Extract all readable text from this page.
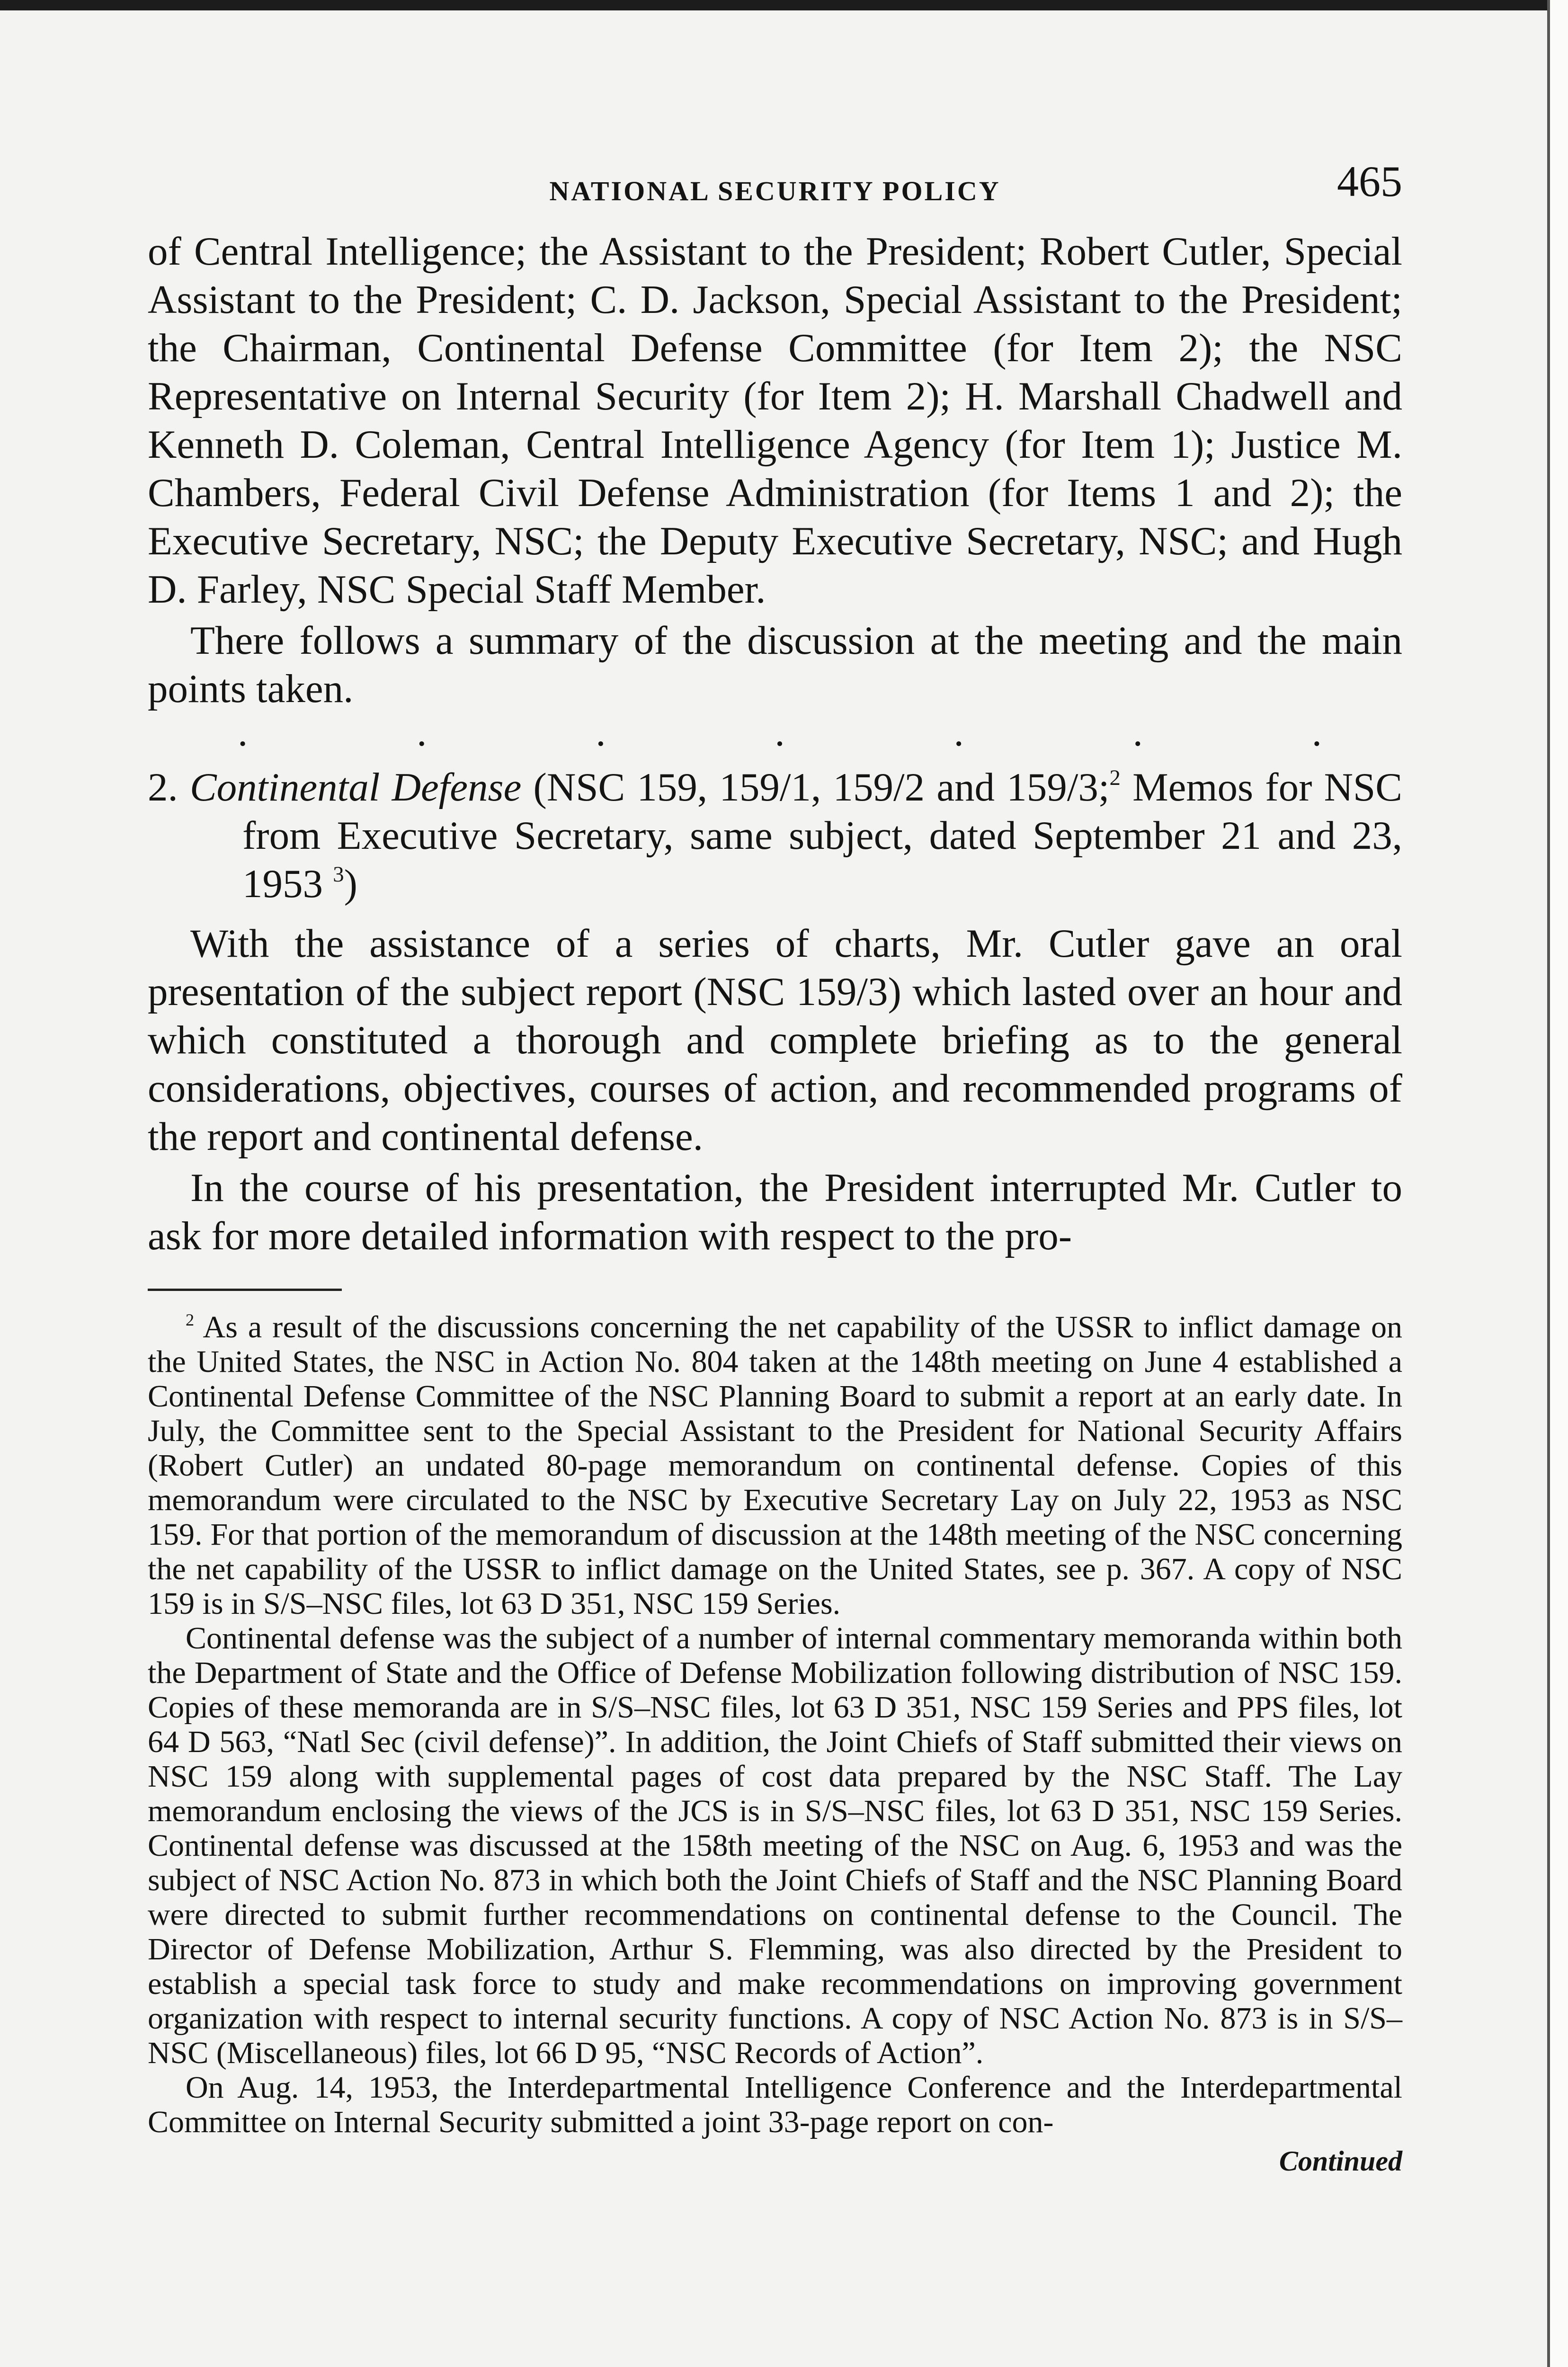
NATIONAL SECURITY POLICY	465

of Central Intelligence; the Assistant to the President; Robert Cutler, Special Assistant to the President; C. D. Jackson, Special Assistant to the President; the Chairman, Continental Defense Committee (for Item 2); the NSC Representative on Internal Security (for Item 2); H. Marshall Chadwell and Kenneth D. Coleman, Central Intelligence Agency (for Item 1); Justice M. Chambers, Federal Civil Defense Administration (for Items 1 and 2); the Executive Secretary, NSC; the Deputy Executive Secretary, NSC; and Hugh D. Farley, NSC Special Staff Member.

There follows a summary of the discussion at the meeting and the main points taken.

.	.	.	.	.	.	.

2. Continental Defense (NSC 159, 159/1, 159/2 and 159/3;$^2$ Memos for NSC from Executive Secretary, same subject, dated September 21 and 23, 1953 $^3$)

With the assistance of a series of charts, Mr. Cutler gave an oral presentation of the subject report (NSC 159/3) which lasted over an hour and which constituted a thorough and complete briefing as to the general considerations, objectives, courses of action, and recommended programs of the report and continental defense.

In the course of his presentation, the President interrupted Mr. Cutler to ask for more detailed information with respect to the pro-

$^2$ As a result of the discussions concerning the net capability of the USSR to inflict damage on the United States, the NSC in Action No. 804 taken at the 148th meeting on June 4 established a Continental Defense Committee of the NSC Planning Board to submit a report at an early date. In July, the Committee sent to the Special Assistant to the President for National Security Affairs (Robert Cutler) an undated 80-page memorandum on continental defense. Copies of this memorandum were circulated to the NSC by Executive Secretary Lay on July 22, 1953 as NSC 159. For that portion of the memorandum of discussion at the 148th meeting of the NSC concerning the net capability of the USSR to inflict damage on the United States, see p. 367. A copy of NSC 159 is in S/S–NSC files, lot 63 D 351, NSC 159 Series.

Continental defense was the subject of a number of internal commentary memoranda within both the Department of State and the Office of Defense Mobilization following distribution of NSC 159. Copies of these memoranda are in S/S–NSC files, lot 63 D 351, NSC 159 Series and PPS files, lot 64 D 563, “Natl Sec (civil defense)”. In addition, the Joint Chiefs of Staff submitted their views on NSC 159 along with supplemental pages of cost data prepared by the NSC Staff. The Lay memorandum enclosing the views of the JCS is in S/S–NSC files, lot 63 D 351, NSC 159 Series. Continental defense was discussed at the 158th meeting of the NSC on Aug. 6, 1953 and was the subject of NSC Action No. 873 in which both the Joint Chiefs of Staff and the NSC Planning Board were directed to submit further recommendations on continental defense to the Council. The Director of Defense Mobilization, Arthur S. Flemming, was also directed by the President to establish a special task force to study and make recommendations on improving government organization with respect to internal security functions. A copy of NSC Action No. 873 is in S/S–NSC (Miscellaneous) files, lot 66 D 95, “NSC Records of Action”.

On Aug. 14, 1953, the Interdepartmental Intelligence Conference and the Interdepartmental Committee on Internal Security submitted a joint 33-page report on con-

Continued
